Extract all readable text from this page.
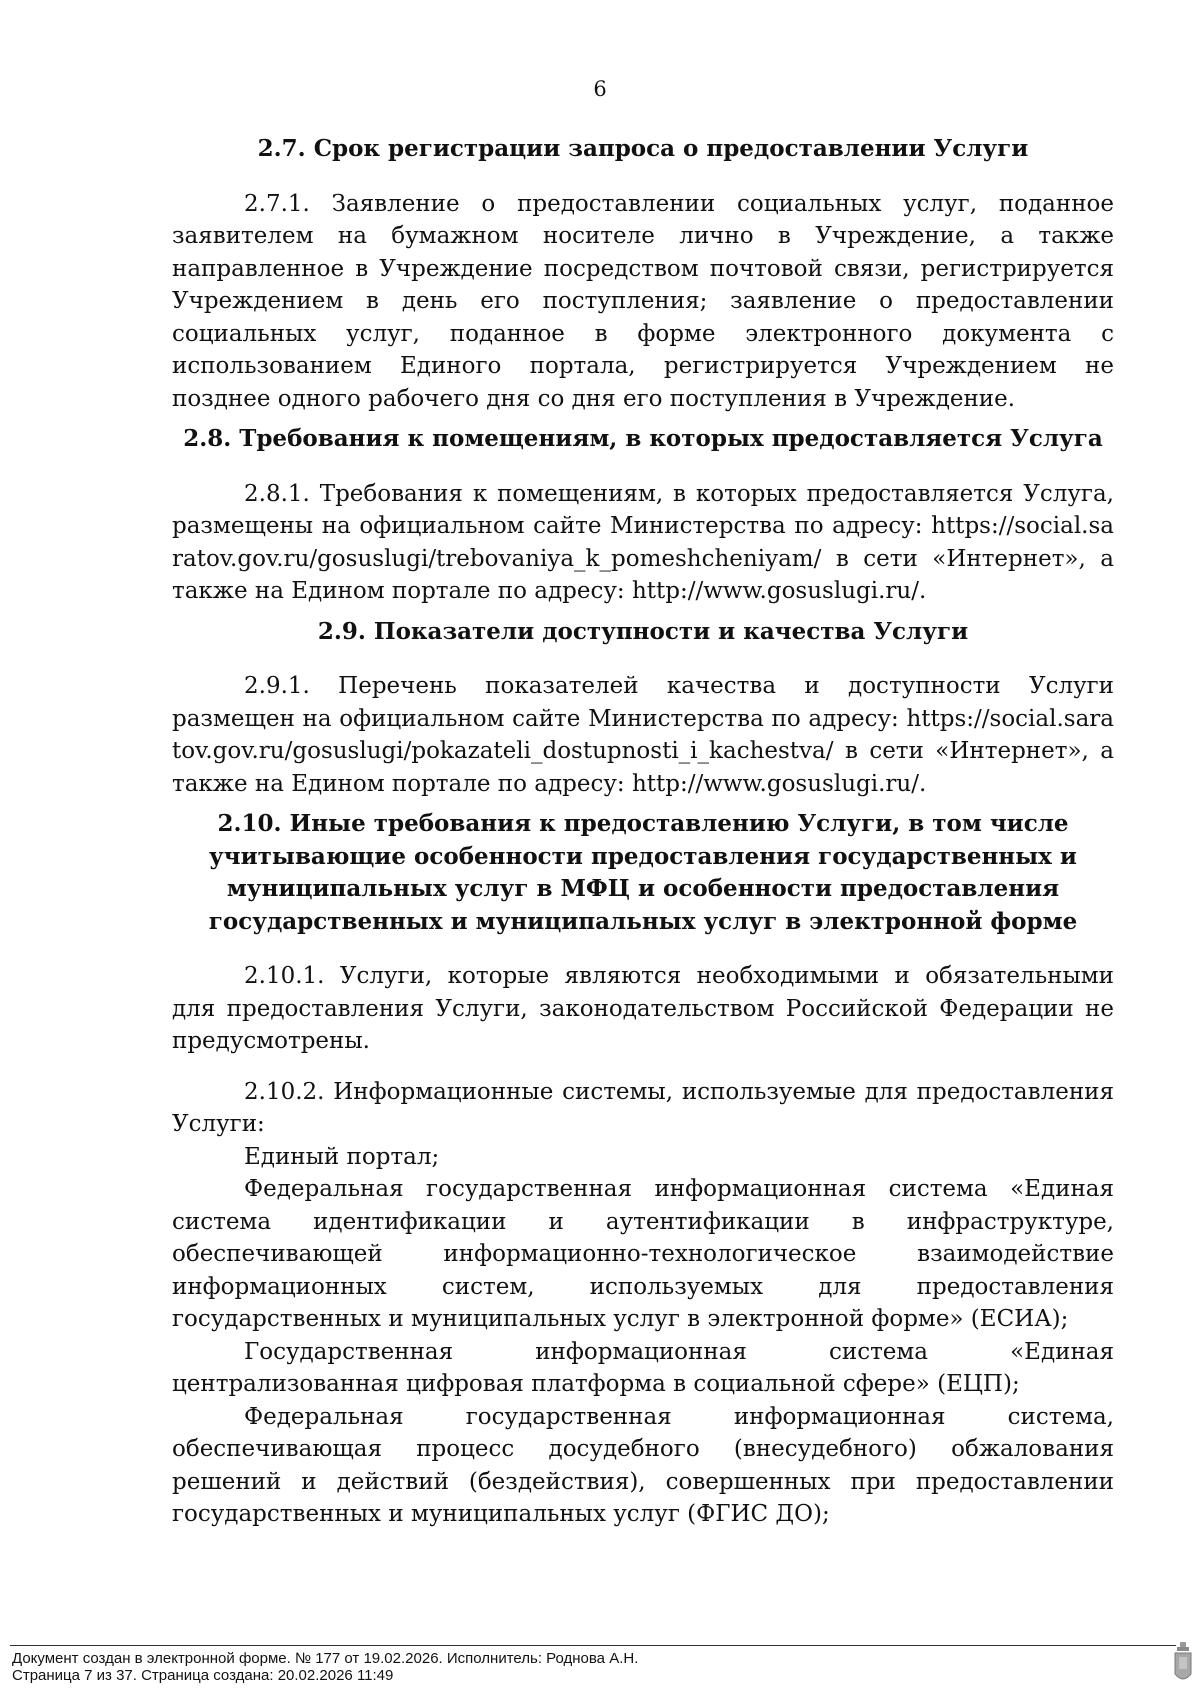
6

2.7. Срок регистрации запроса о предоставлении Услуги

2.7.1. Заявление о предоставлении социальных услуг, поданное заявителем на бумажном носителе лично в Учреждение, а также направленное в Учреждение посредством почтовой связи, регистрируется Учреждением в день его поступления; заявление о предоставлении социальных услуг, поданное в форме электронного документа с использованием Единого портала, регистрируется Учреждением не позднее одного рабочего дня со дня его поступления в Учреждение.

2.8. Требования к помещениям, в которых предоставляется Услуга

2.8.1. Требования к помещениям, в которых предоставляется Услуга, размещены на официальном сайте Министерства по адресу: https://social.saratov.gov.ru/gosuslugi/trebovaniya_k_pomeshcheniyam/ в сети «Интернет», а также на Едином портале по адресу: http://www.gosuslugi.ru/.

2.9. Показатели доступности и качества Услуги

2.9.1. Перечень показателей качества и доступности Услуги размещен на официальном сайте Министерства по адресу: https://social.saratov.gov.ru/gosuslugi/pokazateli_dostupnosti_i_kachestva/ в сети «Интернет», а также на Едином портале по адресу: http://www.gosuslugi.ru/.

2.10. Иные требования к предоставлению Услуги, в том числе
учитывающие особенности предоставления государственных и
муниципальных услуг в МФЦ и особенности предоставления
государственных и муниципальных услуг в электронной форме

2.10.1. Услуги, которые являются необходимыми и обязательными для предоставления Услуги, законодательством Российской Федерации не предусмотрены.

2.10.2. Информационные системы, используемые для предоставления Услуги:

Единый портал;

Федеральная государственная информационная система «Единая система идентификации и аутентификации в инфраструктуре, обеспечивающей информационно-технологическое взаимодействие информационных систем, используемых для предоставления государственных и муниципальных услуг в электронной форме» (ЕСИА);

Государственная информационная система «Единая централизованная цифровая платформа в социальной сфере» (ЕЦП);

Федеральная государственная информационная система, обеспечивающая процесс досудебного (внесудебного) обжалования решений и действий (бездействия), совершенных при предоставлении государственных и муниципальных услуг (ФГИС ДО);

Документ создан в электронной форме. № 177 от 19.02.2026. Исполнитель: Роднова А.Н.
Страница 7 из 37. Страница создана: 20.02.2026 11:49
